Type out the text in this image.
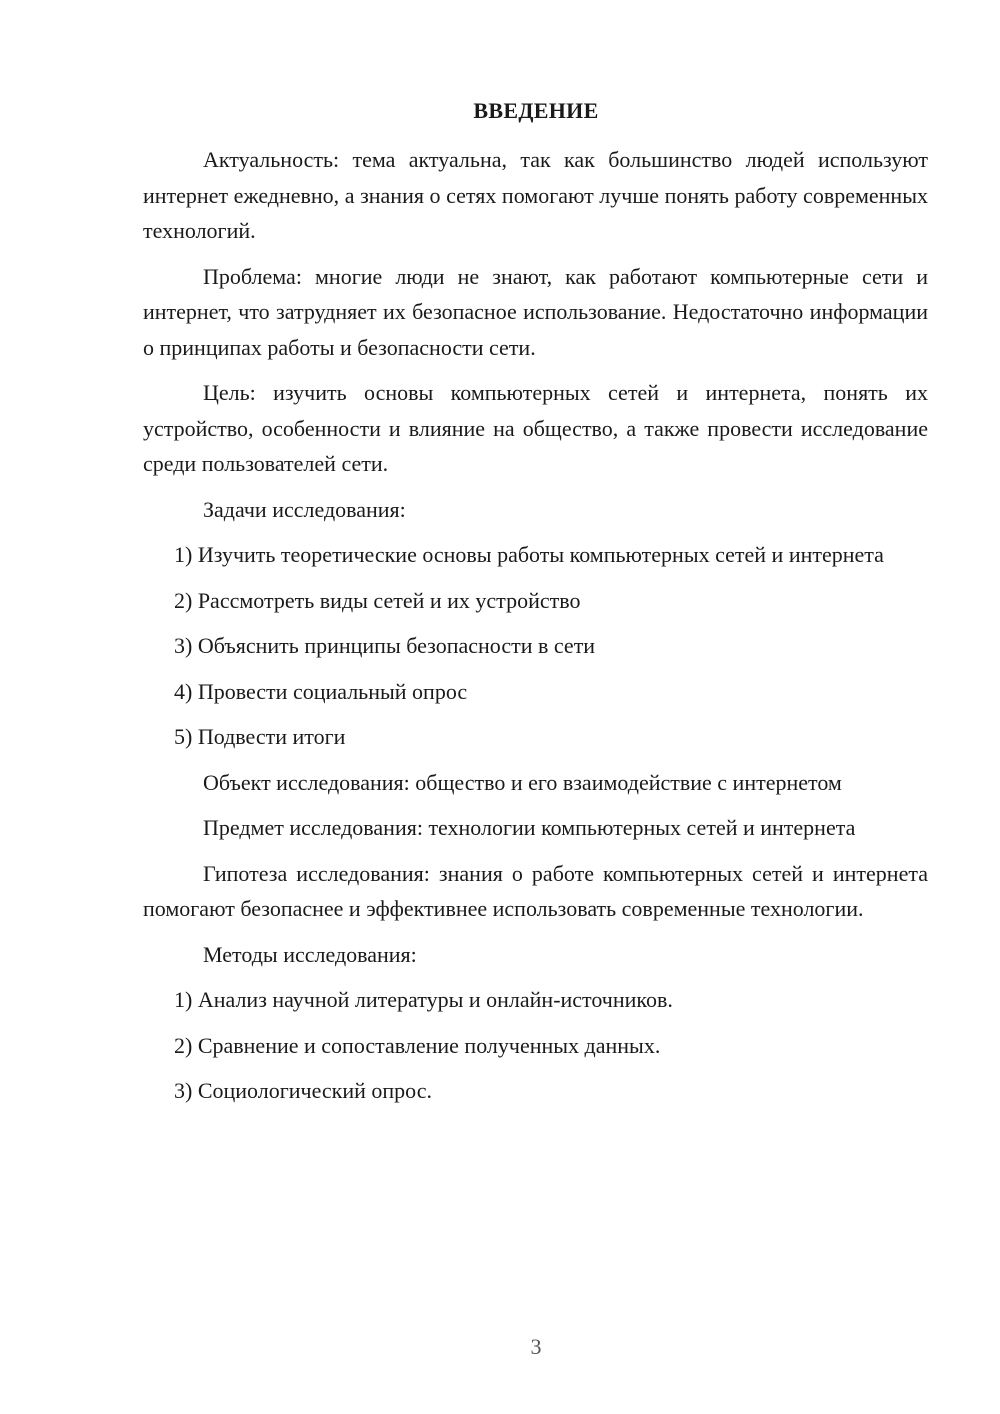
ВВЕДЕНИЕ

Актуальность: тема актуальна, так как большинство людей используют интернет ежедневно, а знания о сетях помогают лучше понять работу современных технологий.

Проблема: многие люди не знают, как работают компьютерные сети и интернет, что затрудняет их безопасное использование. Недостаточно информации о принципах работы и безопасности сети.

Цель: изучить основы компьютерных сетей и интернета, понять их устройство, особенности и влияние на общество, а также провести исследование среди пользователей сети.

Задачи исследования:

1) Изучить теоретические основы работы компьютерных сетей и интернета

2) Рассмотреть виды сетей и их устройство

3) Объяснить принципы безопасности в сети

4) Провести социальный опрос

5) Подвести итоги

Объект исследования: общество и его взаимодействие с интернетом

Предмет исследования: технологии компьютерных сетей и интернета

Гипотеза исследования: знания о работе компьютерных сетей и интернета помогают безопаснее и эффективнее использовать современные технологии.

Методы исследования:

1) Анализ научной литературы и онлайн-источников.

2) Сравнение и сопоставление полученных данных.

3) Социологический опрос.

3
